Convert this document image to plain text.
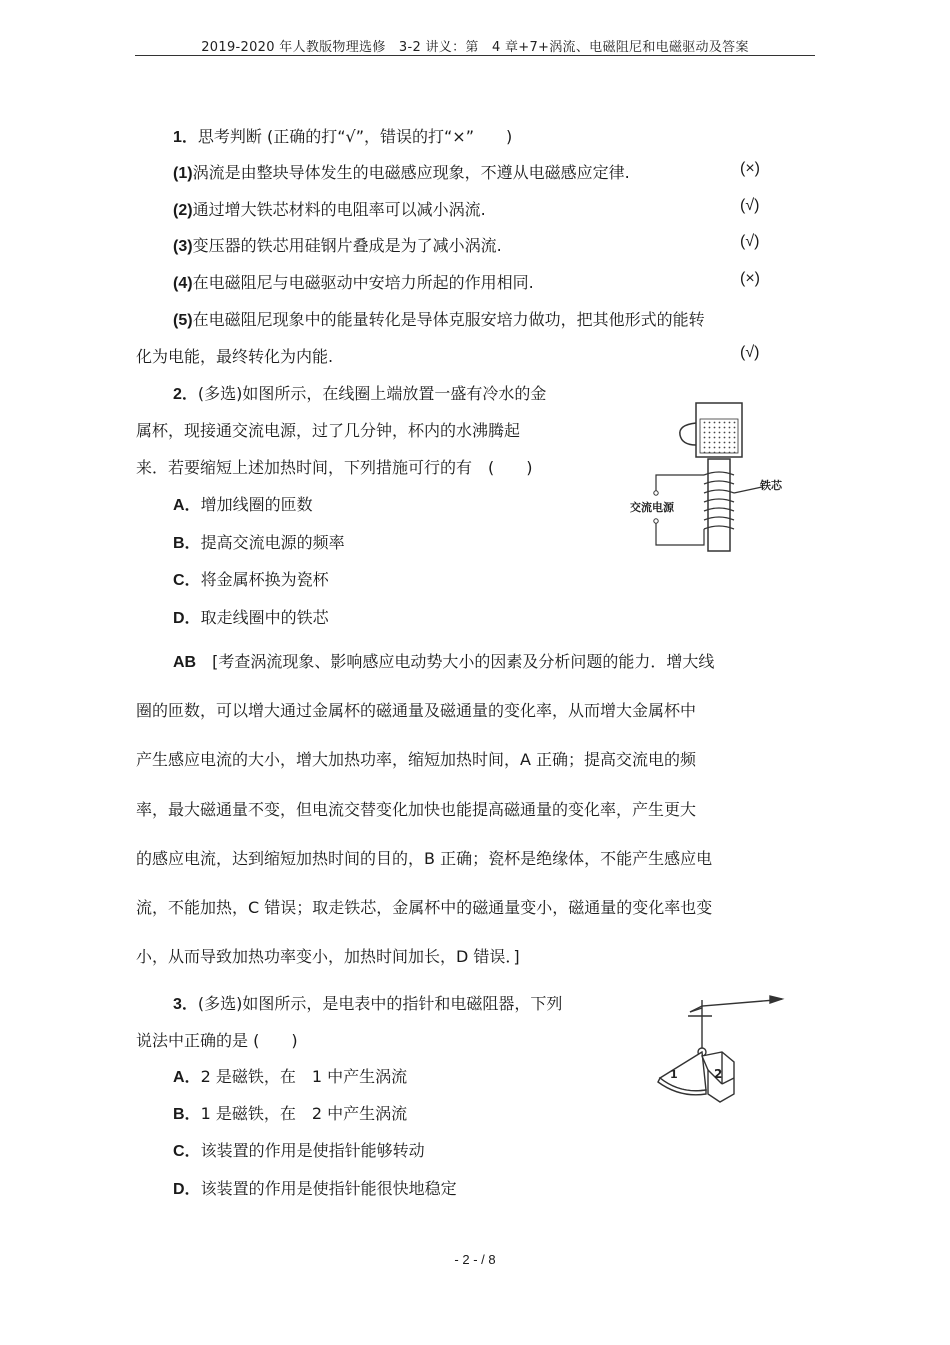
2019-2020 年人教版物理选修　3-2 讲义：第　4 章+7+涡流、电磁阻尼和电磁驱动及答案
1．思考判断 (正确的打“√”，错误的打“×”　　)
(1)涡流是由整块导体发生的电磁感应现象，不遵从电磁感应定律.	(×)
(2)通过增大铁芯材料的电阻率可以减小涡流.	(√)
(3)变压器的铁芯用硅钢片叠成是为了减小涡流.	(√)
(4)在电磁阻尼与电磁驱动中安培力所起的作用相同.	(×)
(5)在电磁阻尼现象中的能量转化是导体克服安培力做功，把其他形式的能转
化为电能，最终转化为内能.	(√)
2．(多选)如图所示，在线圈上端放置一盛有冷水的金
属杯，现接通交流电源，过了几分钟，杯内的水沸腾起
来．若要缩短上述加热时间，下列措施可行的有　(　　)
A．增加线圈的匝数
B．提高交流电源的频率
C．将金属杯换为瓷杯
D．取走线圈中的铁芯
交流电源
铁芯
AB　 [考查涡流现象、影响感应电动势大小的因素及分析问题的能力．增大线
圈的匝数，可以增大通过金属杯的磁通量及磁通量的变化率，从而增大金属杯中
产生感应电流的大小，增大加热功率，缩短加热时间，A 正确；提高交流电的频
率，最大磁通量不变，但电流交替变化加快也能提高磁通量的变化率，产生更大
的感应电流，达到缩短加热时间的目的，B 正确；瓷杯是绝缘体，不能产生感应电
流，不能加热，C 错误；取走铁芯，金属杯中的磁通量变小，磁通量的变化率也变
小，从而导致加热功率变小，加热时间加长，D 错误．]
3．(多选)如图所示，是电表中的指针和电磁阻器，下列
说法中正确的是 (　　)
A．2 是磁铁，在　1 中产生涡流
B．1 是磁铁，在　2 中产生涡流
C．该装置的作用是使指针能够转动
D．该装置的作用是使指针能很快地稳定
1	2
- 2 - / 8
